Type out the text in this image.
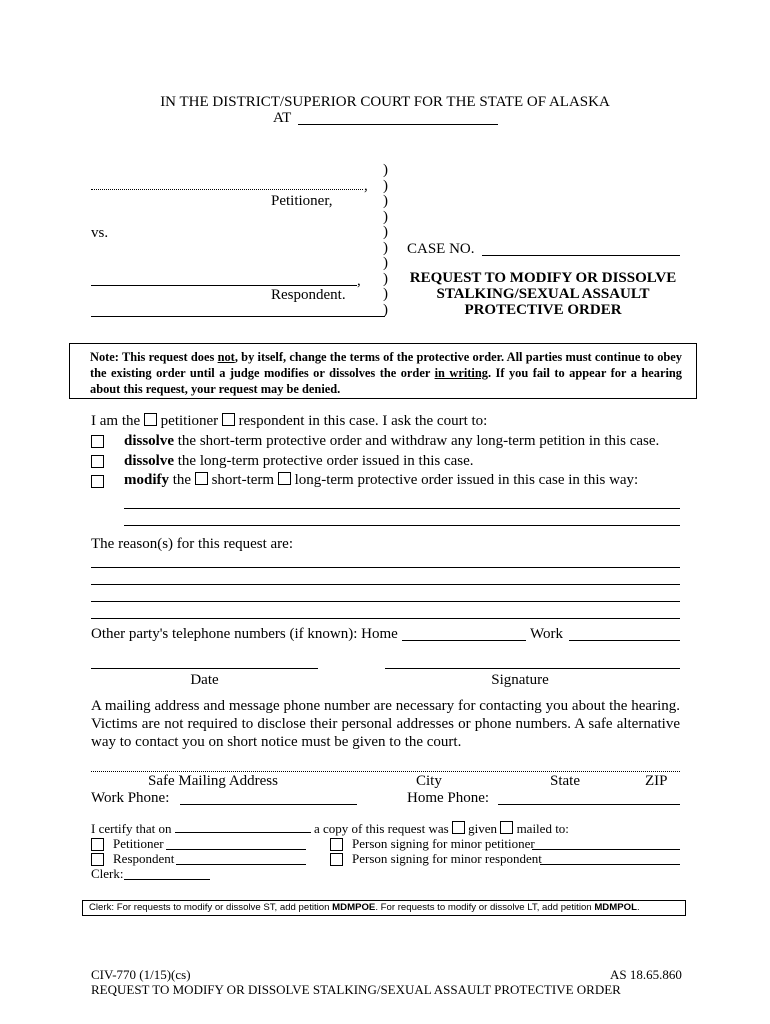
IN THE DISTRICT/SUPERIOR COURT FOR THE STATE OF ALASKA
AT
,
Petitioner,
vs.
,
Respondent.
)
)
)
)
)
)
)
)
)
)
CASE NO.
REQUEST TO MODIFY OR DISSOLVE
STALKING/SEXUAL ASSAULT
PROTECTIVE ORDER
Note: This request does not, by itself, change the terms of the protective order. All parties must continue to obey the existing order until a judge modifies or dissolves the order in writing. If you fail to appear for a hearing about this request, your request may be denied.
I am the petitioner respondent in this case. I ask the court to:
dissolve the short-term protective order and withdraw any long-term petition in this case.
dissolve the long-term protective order issued in this case.
modify the short-term long-term protective order issued in this case in this way:
The reason(s) for this request are:
Other party's telephone numbers (if known): Home	Work
Date	Signature
A mailing address and message phone number are necessary for contacting you about the hearing. Victims are not required to disclose their personal addresses or phone numbers. A safe alternative way to contact you on short notice must be given to the court.
Safe Mailing Address	City	State	ZIP
Work Phone:	Home Phone:
I certify that on	a copy of this request was given mailed to:
Petitioner	Person signing for minor petitioner
Respondent	Person signing for minor respondent
Clerk:
Clerk: For requests to modify or dissolve ST, add petition MDMPOE. For requests to modify or dissolve LT, add petition MDMPOL.
CIV-770 (1/15)(cs)	AS 18.65.860
REQUEST TO MODIFY OR DISSOLVE STALKING/SEXUAL ASSAULT PROTECTIVE ORDER
